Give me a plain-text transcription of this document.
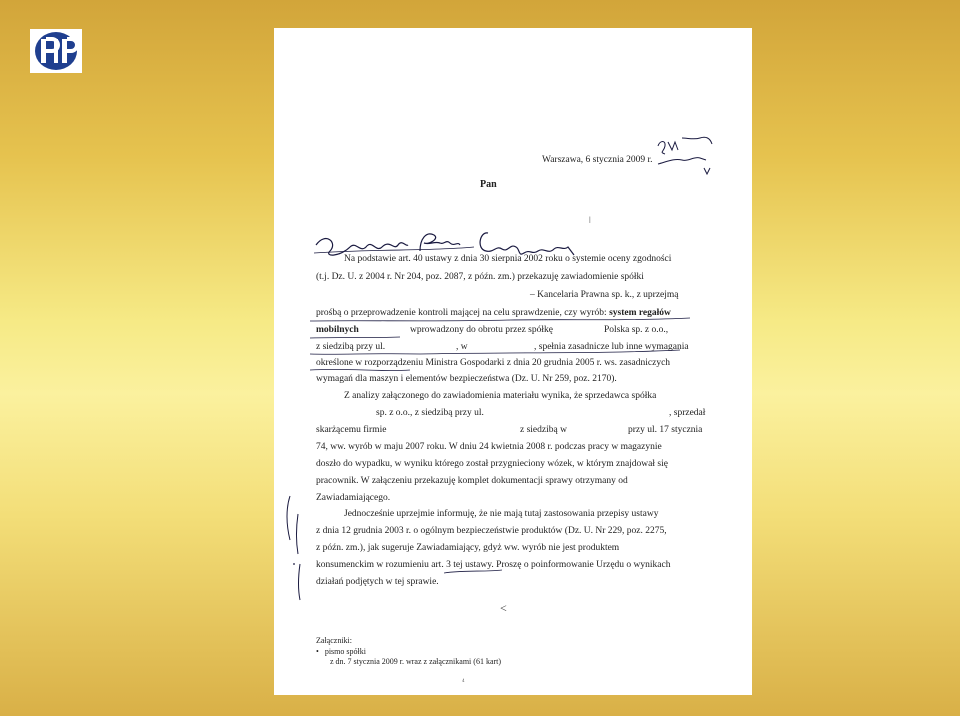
Warszawa, 6 stycznia 2009 r.
Pan
ǀ
Na podstawie art. 40 ustawy z dnia 30 sierpnia 2002 roku o systemie oceny zgodności
(t.j. Dz. U. z 2004 r. Nr 204, poz. 2087, z późn. zm.) przekazuję zawiadomienie spółki
– Kancelaria Prawna sp. k., z uprzejmą
prośbą o przeprowadzenie kontroli mającej na celu sprawdzenie, czy wyrób: system regałów
mobilnych	wprowadzony do obrotu przez spółkę	Polska sp. z o.o.,
z siedzibą przy ul.	, w	, spełnia zasadnicze lub inne wymagania
określone w rozporządzeniu Ministra Gospodarki z dnia 20 grudnia 2005 r. ws. zasadniczych
wymagań dla maszyn i elementów bezpieczeństwa (Dz. U. Nr 259, poz. 2170).
Z analizy załączonego do zawiadomienia materiału wynika, że sprzedawca spółka
sp. z o.o., z siedzibą przy ul.	, sprzedał
skarżącemu firmie	z siedzibą w	przy ul. 17 stycznia
74, ww. wyrób w maju 2007 roku. W dniu 24 kwietnia 2008 r. podczas pracy w magazynie
doszło do wypadku, w wyniku którego został przygnieciony wózek, w którym znajdował się
pracownik. W załączeniu przekazuję komplet dokumentacji sprawy otrzymany od
Zawiadamiającego.
Jednocześnie uprzejmie informuję, że nie mają tutaj zastosowania przepisy ustawy
z dnia 12 grudnia 2003 r. o ogólnym bezpieczeństwie produktów (Dz. U. Nr 229, poz. 2275,
z późn. zm.), jak sugeruje Zawiadamiający, gdyż ww. wyrób nie jest produktem
konsumenckim w rozumieniu art. 3 tej ustawy. Proszę o poinformowanie Urzędu o wynikach
działań podjętych w tej sprawie.
<
Załączniki:
•   pismo spółki
z dn. 7 stycznia 2009 r. wraz z załącznikami (61 kart)
4
